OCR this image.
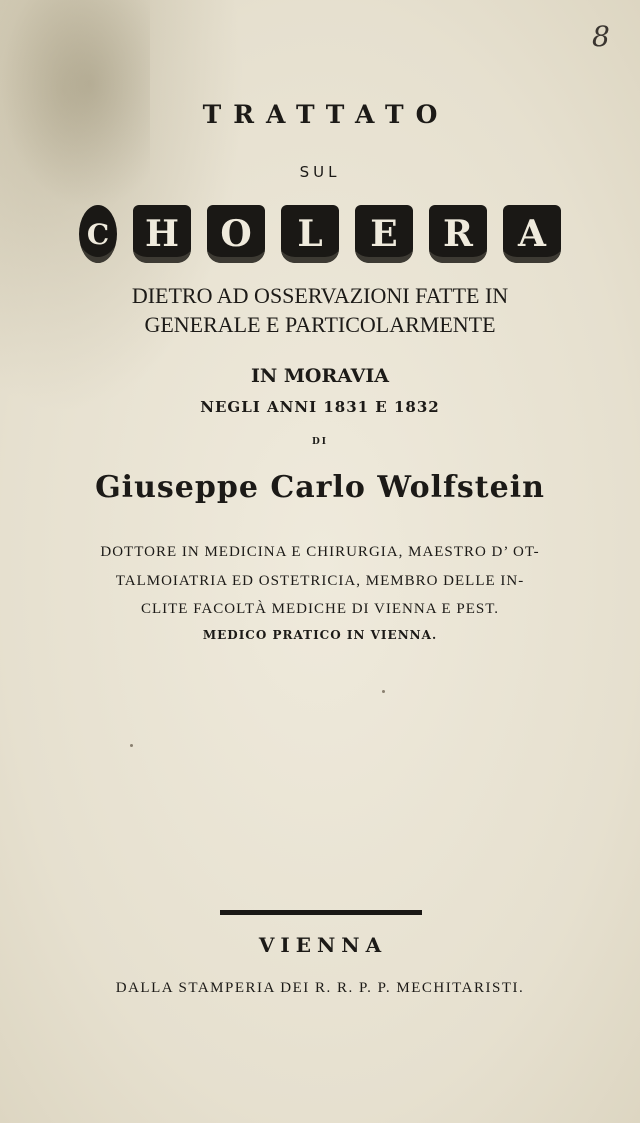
8
TRATTATO
SUL
C H	O	L	E	R	A
DIETRO AD OSSERVAZIONI FATTE IN
GENERALE E PARTICOLARMENTE
IN MORAVIA
NEGLI ANNI 1831 E 1832
DI
Giuseppe Carlo Wolfstein
DOTTORE IN MEDICINA E CHIRURGIA, MAESTRO D’ OT-
TALMOIATRIA ED OSTETRICIA, MEMBRO DELLE IN-
CLITE FACOLTÀ MEDICHE DI VIENNA E PEST.
MEDICO PRATICO IN VIENNA.
VIENNA
DALLA STAMPERIA DEI R. R. P. P. MECHITARISTI.
